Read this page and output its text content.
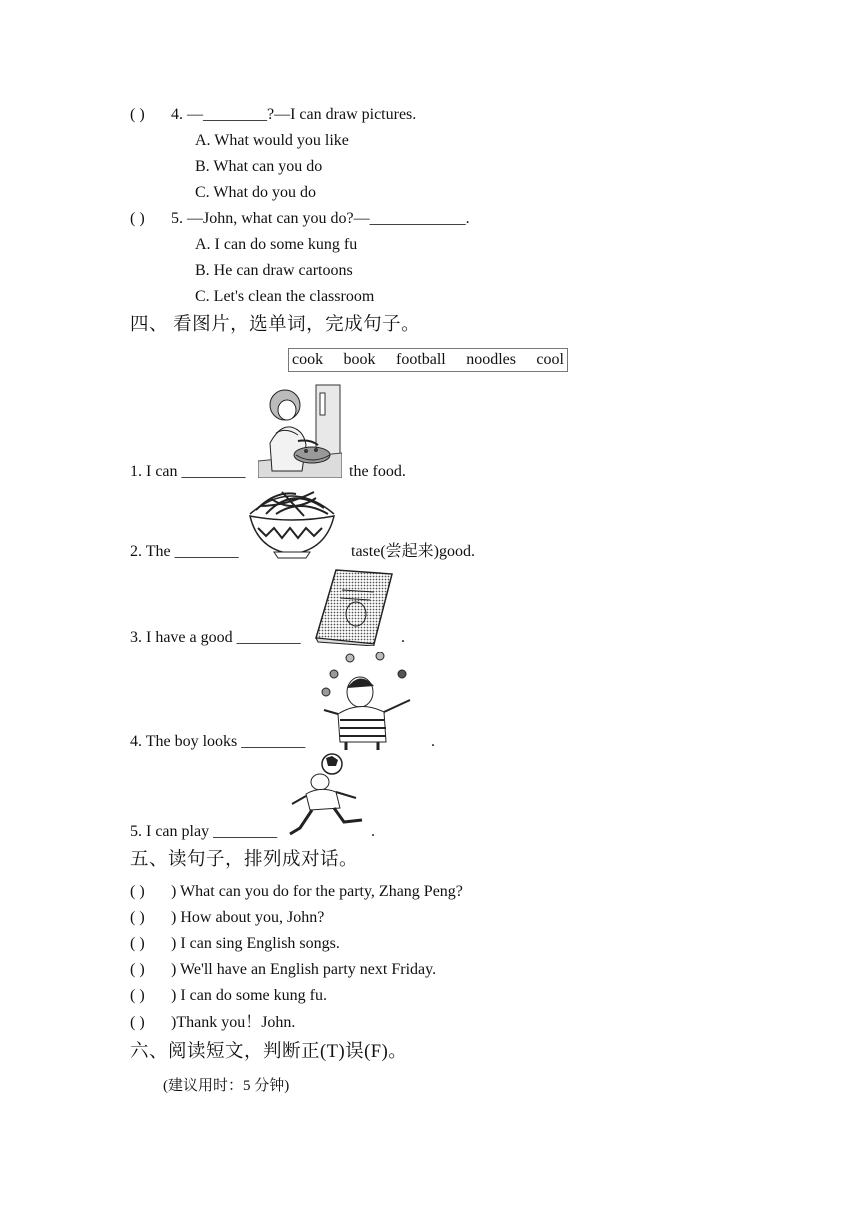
( ) 4. —________?—I can draw pictures.
A. What would you like
B. What can you do
C. What do you do
( ) 5. —John, what can you do?—____________.
A. I can do some kung fu
B. He can draw cartoons
C. Let's clean the classroom
四、 看图片，选单词，完成句子。
cook book football noodles cool
1. I can ________	the food.
2. The ________	taste(尝起来)good.
3. I have a good ________	.
4. The boy looks ________	.
5. I can play ________	.
五、读句子，排列成对话。
( ) ) What can you do for the party, Zhang Peng?
( ) ) How about you, John?
( ) ) I can sing English songs.
( ) ) We'll have an English party next Friday.
( ) ) I can do some kung fu.
( ) )Thank you！John.
六、阅读短文，判断正(T)误(F)。
(建议用时：5 分钟)
